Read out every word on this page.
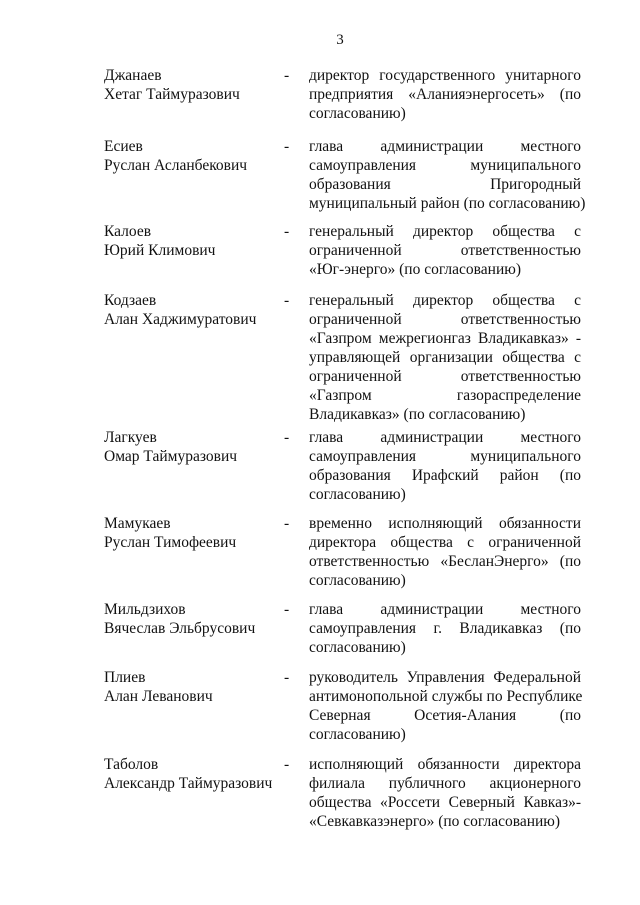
3
Джанаев
Хетаг Таймуразович
- директор государственного унитарного
предприятия «Аланияэнергосеть» (по
согласованию)
Есиев
Руслан Асланбекович
- глава администрации местного
самоуправления муниципального
образования Пригородный
муниципальный район (по согласованию)
Калоев
Юрий Климович
- генеральный директор общества с
ограниченной ответственностью
«Юг-энерго» (по согласованию)
Кодзаев
Алан Хаджимуратович
- генеральный директор общества с
ограниченной ответственностью
«Газпром межрегионгаз Владикавказ» -
управляющей организации общества с
ограниченной ответственностью
«Газпром газораспределение
Владикавказ» (по согласованию)
Лагкуев
Омар Таймуразович
- глава администрации местного
самоуправления муниципального
образования Ирафский район (по
согласованию)
Мамукаев
Руслан Тимофеевич
- временно исполняющий обязанности
директора общества с ограниченной
ответственностью «БесланЭнерго» (по
согласованию)
Мильдзихов
Вячеслав Эльбрусович
- глава администрации местного
самоуправления г. Владикавказ (по
согласованию)
Плиев
Алан Леванович
- руководитель Управления Федеральной
антимонопольной службы по Республике
Северная Осетия-Алания (по
согласованию)
Таболов
Александр Таймуразович
- исполняющий обязанности директора
филиала публичного акционерного
общества «Россети Северный Кавказ»-
«Севкавказэнерго» (по согласованию)
